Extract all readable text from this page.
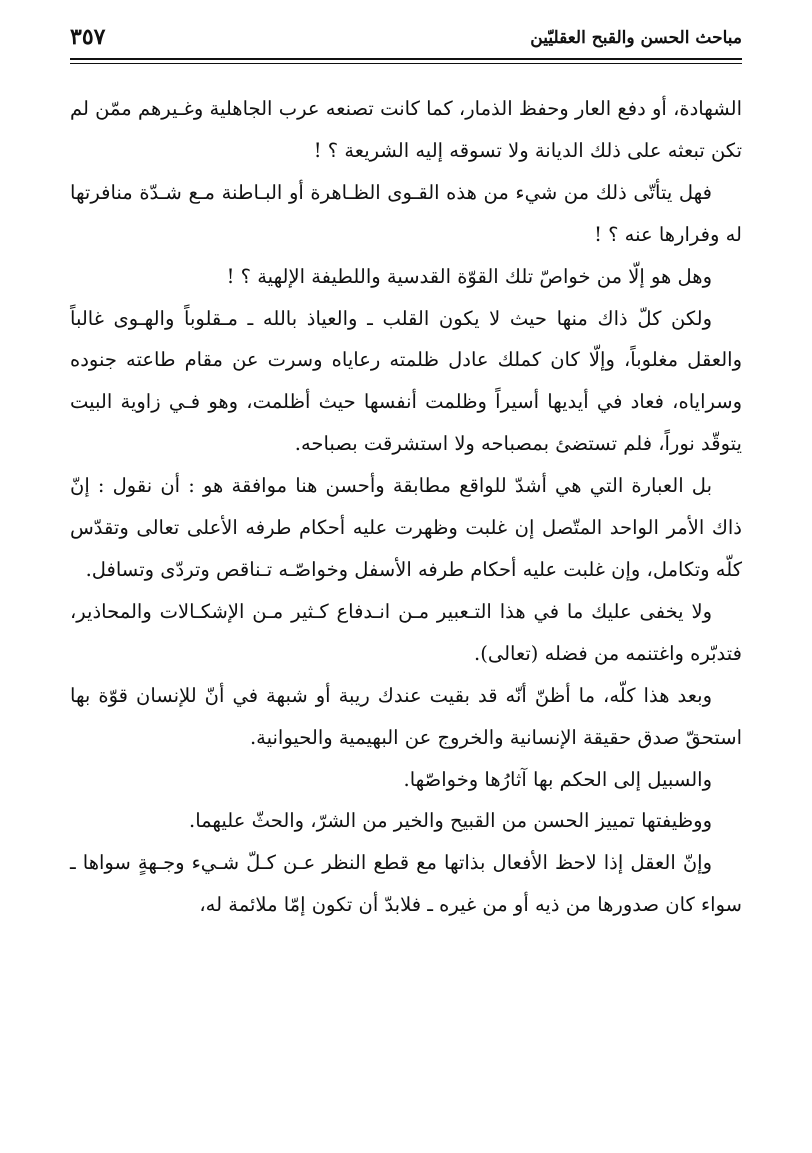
مباحث الحسن والقبح العقليّين
٣٥٧

الشهادة، أو دفع العار وحفظ الذمار، كما كانت تصنعه عرب الجاهلية وغـيرهم ممّن لم تكن تبعثه على ذلك الديانة ولا تسوقه إليه الشريعة ؟ !

فهل يتأتّى ذلك من شيء من هذه القـوى الظـاهرة أو البـاطنة مـع شـدّة منافرتها له وفرارها عنه ؟ !

وهل هو إلّا من خواصّ تلك القوّة القدسية واللطيفة الإلهية ؟ !

ولكن كلّ ذاك منها حيث لا يكون القلب ـ والعياذ بالله ـ مـقلوباً والهـوى غالباً والعقل مغلوباً، وإلّا كان كملك عادل ظلمته رعاياه وسرت عن مقام طاعته جنوده وسراياه، فعاد في أيديها أسيراً وظلمت أنفسها حيث أظلمت، وهو فـي زاوية البيت يتوقّد نوراً، فلم تستضئ بمصباحه ولا استشرقت بصباحه.

بل العبارة التي هي أشدّ للواقع مطابقة وأحسن هنا موافقة هو : أن نقول : إنّ ذاك الأمر الواحد المتّصل إن غلبت وظهرت عليه أحكام طرفه الأعلى تعالى وتقدّس كلّه وتكامل، وإن غلبت عليه أحكام طرفه الأسفل وخواصّـه تـناقص وتردّى وتسافل.

ولا يخفى عليك ما في هذا التـعبير مـن انـدفاع كـثير مـن الإشكـالات والمحاذير، فتدبّره واغتنمه من فضله (تعالى).

وبعد هذا كلّه، ما أظنّ أنّه قد بقيت عندك ريبة أو شبهة في أنّ للإنسان قوّة بها استحقّ صدق حقيقة الإنسانية والخروج عن البهيمية والحيوانية.

والسبيل إلى الحكم بها آثارُها وخواصّها.

ووظيفتها تمييز الحسن من القبيح والخير من الشرّ، والحثّ عليهما.

وإنّ العقل إذا لاحظ الأفعال بذاتها مع قطع النظر عـن كـلّ شـيء وجـهةٍ سواها ـ سواء كان صدورها من ذيه أو من غيره ـ فلابدّ أن تكون إمّا ملائمة له،
